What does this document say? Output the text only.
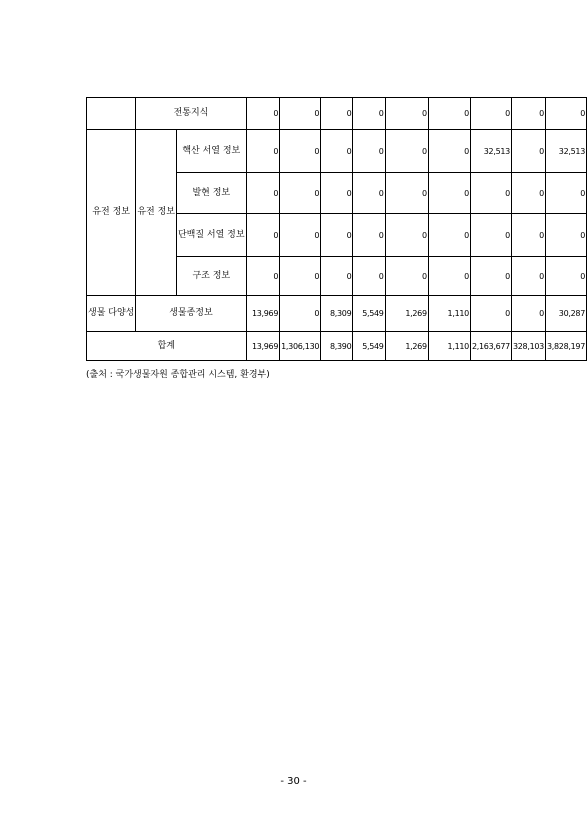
	전통지식		0	0	0	0	0	0	0	0	0
유전 정보	유전 정보	핵산 서열 정보	0	0	0	0	0	0	32,513	0	32,513
		발현 정보	0	0	0	0	0	0	0	0	0
		단백질 서열 정보	0	0	0	0	0	0	0	0	0
		구조 정보	0	0	0	0	0	0	0	0	0
생물 다양성	생물종정보		13,969	0	8,309	5,549	1,269	1,110	0	0	30,287
합계			13,969	1,306,130	8,390	5,549	1,269	1,110	2,163,677	328,103	3,828,197
(출처 : 국가생물자원 종합관리 시스템, 환경부)
- 30 -
